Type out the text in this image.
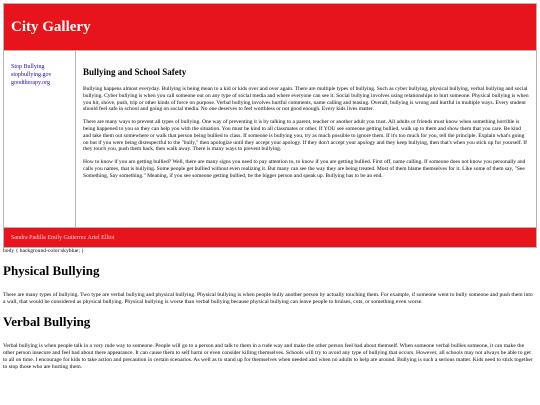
City Gallery
Stop Bullying
stopbullying.gov
goodtherapy.org
Bullying and School Safety

Bullying happens almost everyday. Bullying is being mean to a kid or kids over and over again. There are multiple types of bullying. Such as cyber bullying, physical bullying, verbal bullying and social bullying. Cyber bullying is when you call someone out on any type of social media and where everyone can see it. Social bullying involves using relationships to hurt someone. Physical bullying is when you hit, shove, push, trip or other kinds of force on purpose. Verbal bullying involves hurtful comments, name calling and teasing. Overall, bullying is wrong and hurtful in multiple ways. Every student should feel safe in school and going on social media. No one deserves to feel worthless or not good enough. Every kids lives matter.

There are many ways to prevent all types of bullying. One way of preventing it is by talking to a parent, teacher or another adult you trust. All adults or friends must know when something horrible is being happened to you so they can help you with the situation. You must be kind to all classmates or other. If YOU see someone getting bullied, walk up to them and show them that you care. Be kind and take them out somewhere or walk that person being bullied to class. If someone is bullying you, try as much possible to ignore them. If it's too much for you, tell the principle. Explain what's going on but if you were being disrespectful to the "bully," then apologize until they accept your apology. If they don't accept your apology and they keep bullying, then that's when you stick up for yourself. If they touch you, push them back, then walk away. There is many ways to prevent bullying.

How to know if you are getting bullied? Well, there are many signs you need to pay attention to, to know if you are getting bullied. First off, name calling. If someone does not know you personally and calls you names, that is bullying. Some people get bullied without even realizing it. But many can see the way they are being treated. Most of them blame themselves for it. Like some of them say, "See Something, Say something." Meaning, if you see someone getting bullied, be the bigger person and speak up. Bullying has to be an end.

Sandra Padilla Emily Gutierrez Ariel Elliot

body { background-color:skyblue; }

Physical Bullying

There are many types of bullying. Two type are verbal bullying and physical bullying. Physical bullying is when people bully another person by actually touching them. For example, if someone went to bully someone and push them into a wall, that would be considered as physical bullying. Physical bullying is worse than verbal bullying because physical bullying can leave people to bruises, cuts, or something even worse.

Verbal Bullying

Verbal bullying is when people talk in a very rude way to someone. People will go to a person and talk to them in a rude way and make the other person feel bad about themself. When someone verbal bullies someone, it can make the other person insecure and feel bad about there appearance. It can cause them to self harm or even consider killing themselves. Schools will try to avoid any type of bullying that occurs. However, all schools may not always be able to get to all on time. I encourage for kids to take action and precaution in certain scenarios. As well as to stand up for themselves when needed and when no adults to help are around. Bullying is such a serious matter. Kids need to stick together to stop those who are hurting them.
